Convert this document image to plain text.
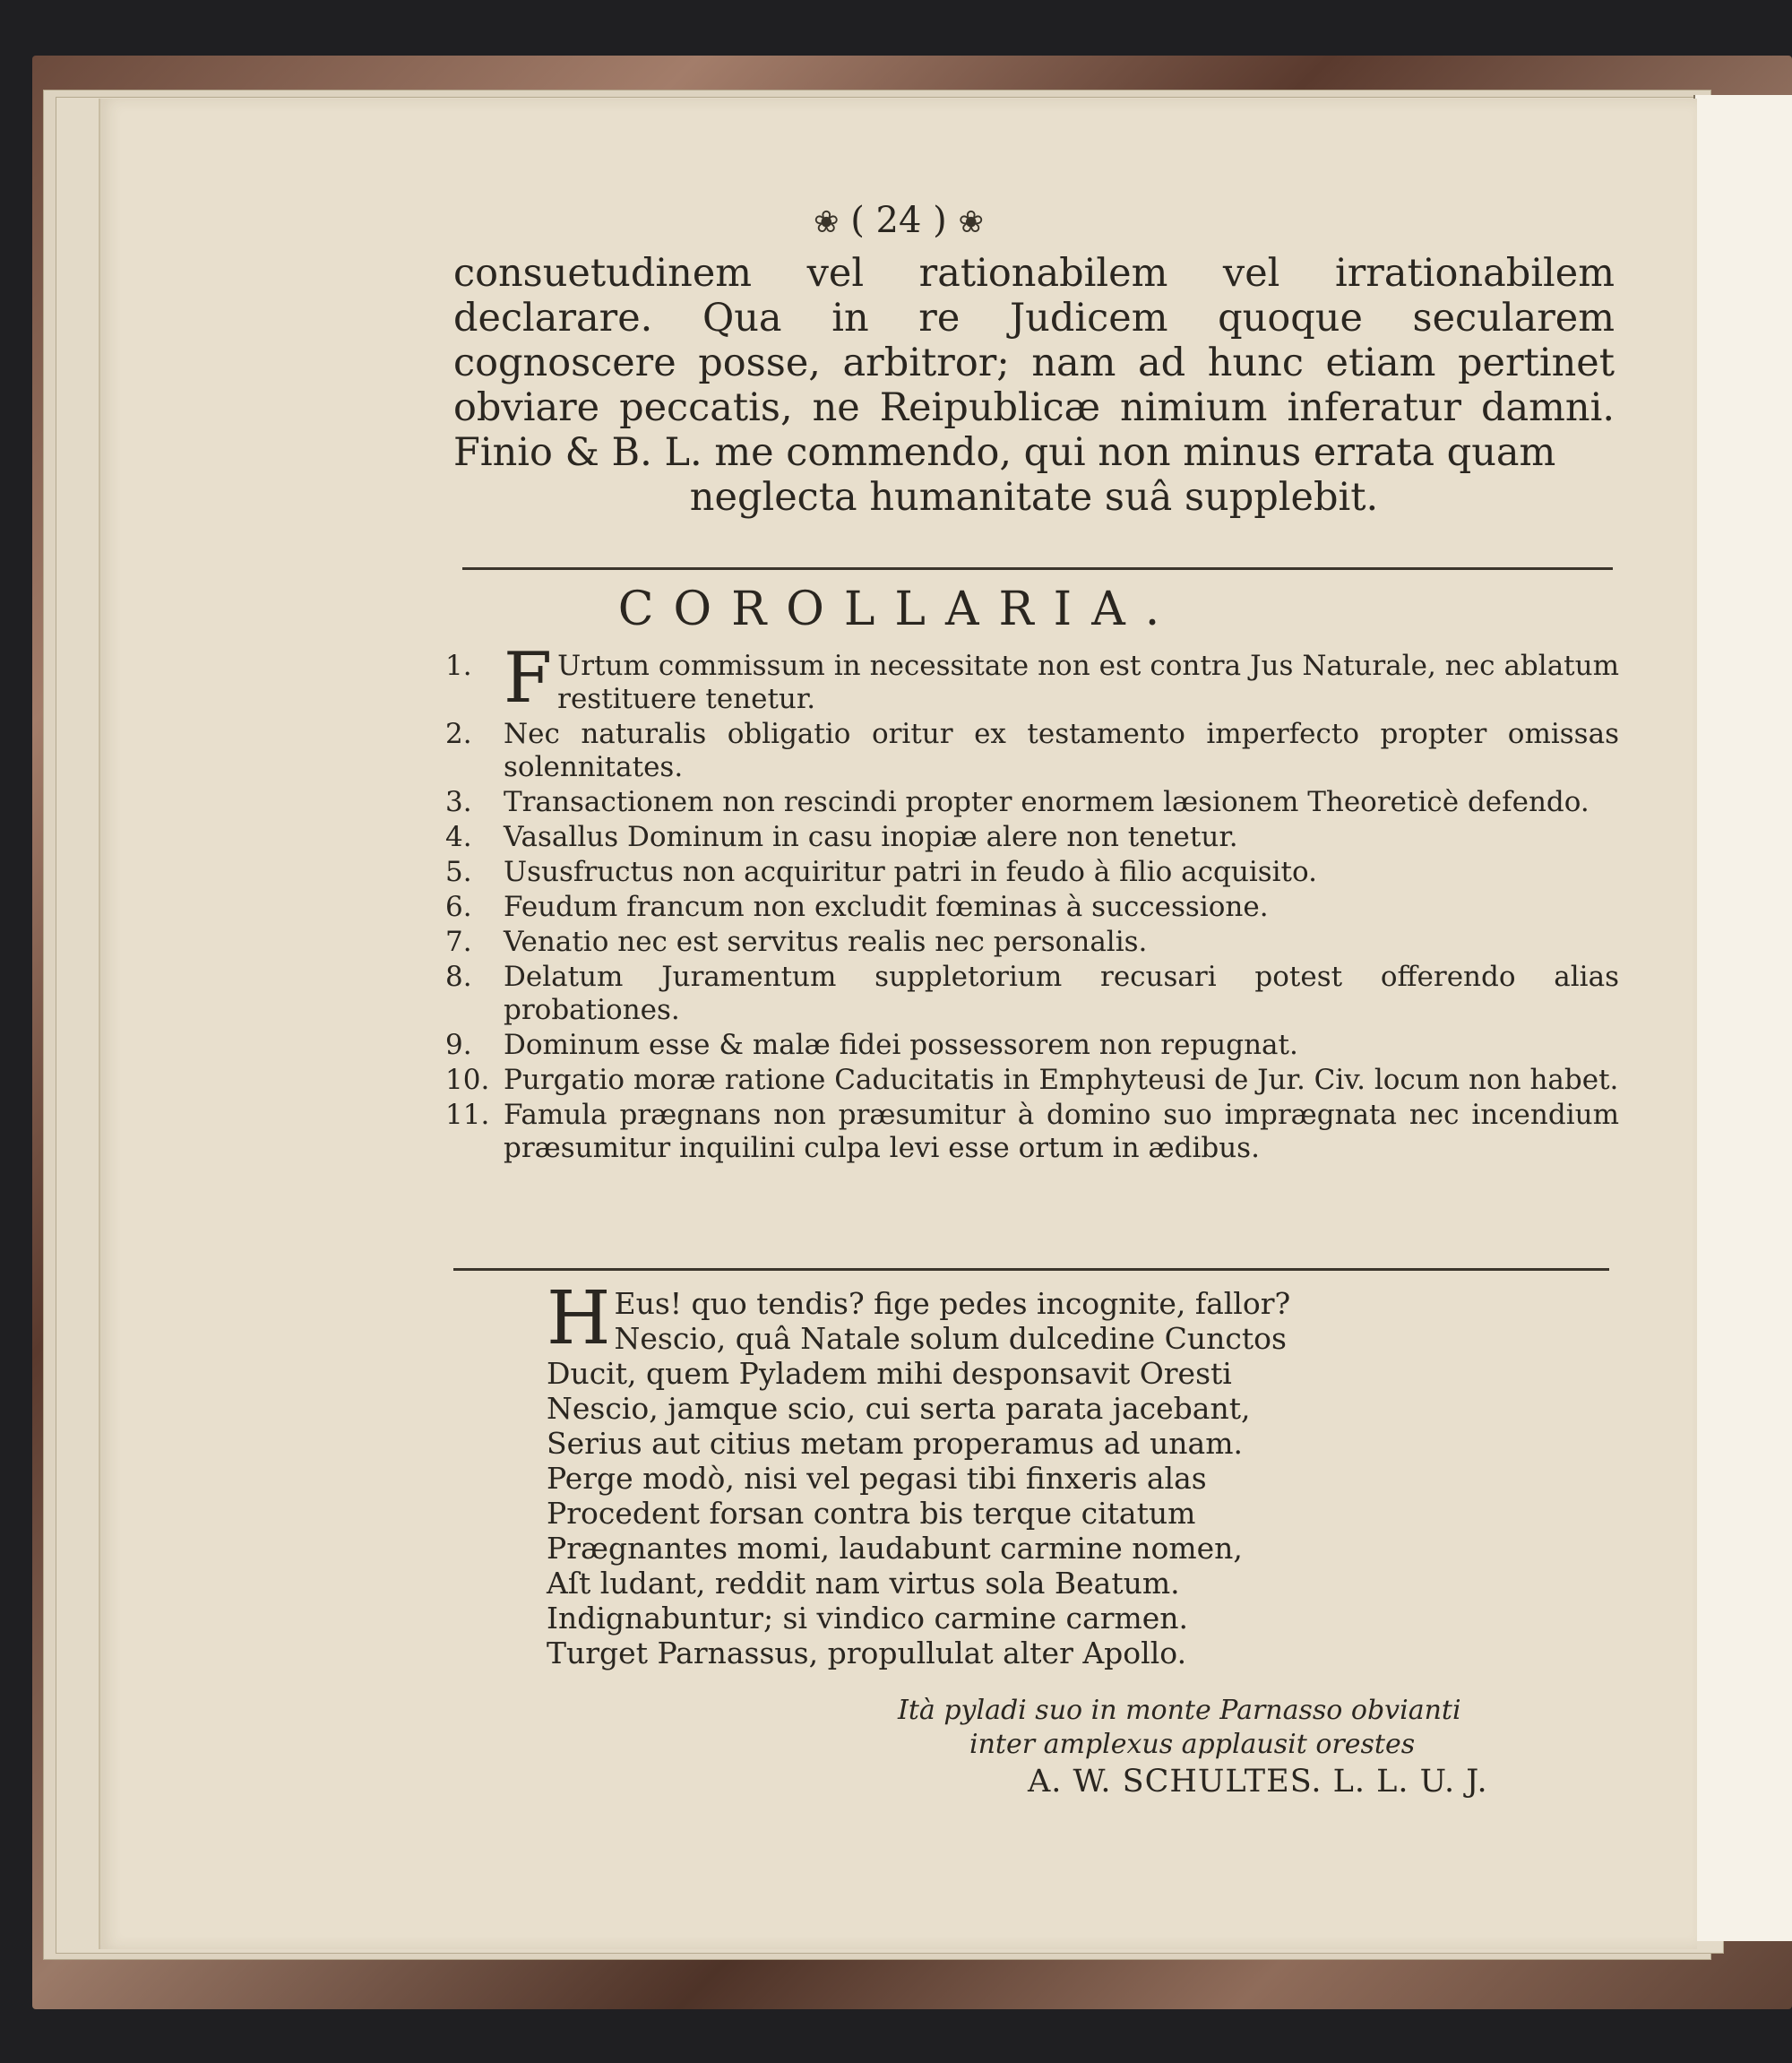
❀ ( 24 ) ❀
consuetudinem vel rationabilem vel irrationabilem declarare. Qua in re Judicem quoque secularem cognoscere posse, arbitror; nam ad hunc etiam pertinet obviare peccatis, ne Reipublicæ nimium inferatur damni. Finio & B. L. me commendo, qui non minus errata quam
neglecta humanitate suâ supplebit.
COROLLARIA.
1. F Urtum commissum in necessitate non est contra Jus Naturale, nec ablatum restituere tenetur.
2. Nec naturalis obligatio oritur ex testamento imperfecto propter omissas solennitates.
3. Transactionem non rescindi propter enormem læsionem Theoreticè defendo.
4. Vasallus Dominum in casu inopiæ alere non tenetur.
5. Ususfructus non acquiritur patri in feudo à filio acquisito.
6. Feudum francum non excludit fœminas à successione.
7. Venatio nec est servitus realis nec personalis.
8. Delatum Juramentum suppletorium recusari potest offerendo alias probationes.
9. Dominum esse & malæ fidei possessorem non repugnat.
10. Purgatio moræ ratione Caducitatis in Emphyteusi de Jur. Civ. locum non habet.
11. Famula prægnans non præsumitur à domino suo imprægnata nec incendium præsumitur inquilini culpa levi esse ortum in ædibus.
H Eus! quo tendis? fige pedes incognite, fallor?
Nescio, quâ Natale solum dulcedine Cunctos
Ducit, quem Pyladem mihi desponsavit Oresti
Nescio, jamque scio, cui serta parata jacebant,
Serius aut citius metam properamus ad unam.
Perge modò, nisi vel pegasi tibi finxeris alas
Procedent forsan contra bis terque citatum
Prægnantes momi, laudabunt carmine nomen,
Aſt ludant, reddit nam virtus sola Beatum.
Indignabuntur; si vindico carmine carmen.
Turget Parnassus, propullulat alter Apollo.
Ità pyladi suo in monte Parnasso obvianti
inter amplexus applausit orestes
A. W. SCHULTES. L. L. U. J.
